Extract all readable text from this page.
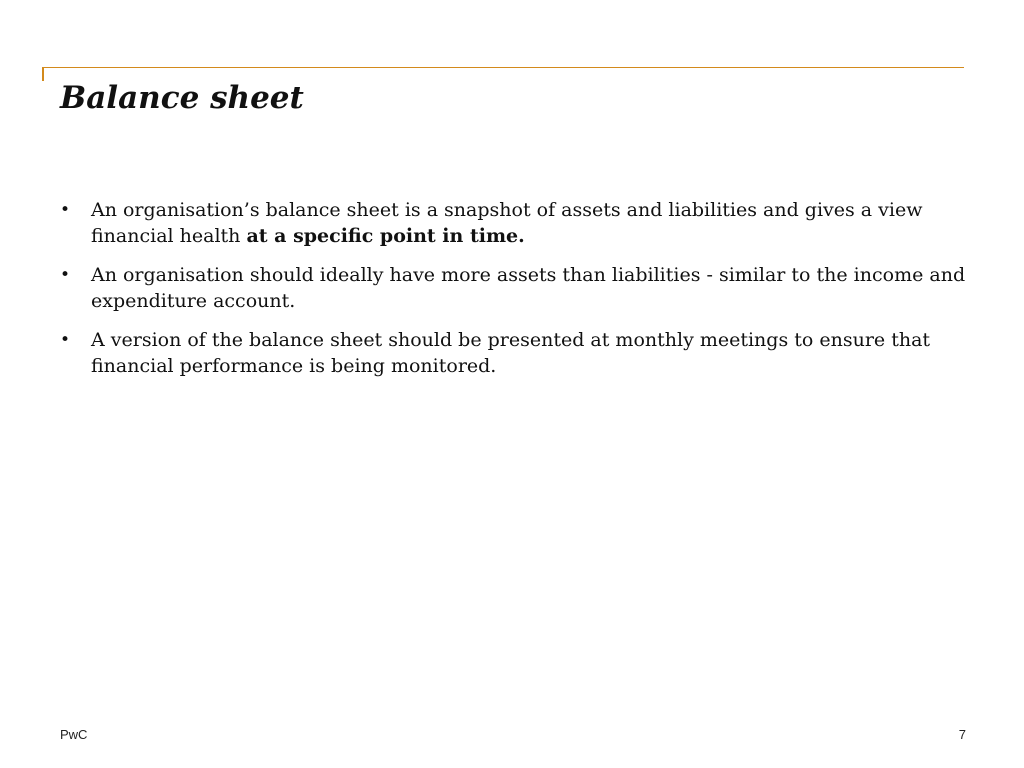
Balance sheet
• An organisation’s balance sheet is a snapshot of assets and liabilities and gives a view financial health at a specific point in time.
• An organisation should ideally have more assets than liabilities - similar to the income and expenditure account.
• A version of the balance sheet should be presented at monthly meetings to ensure that financial performance is being monitored.
PwC	7
